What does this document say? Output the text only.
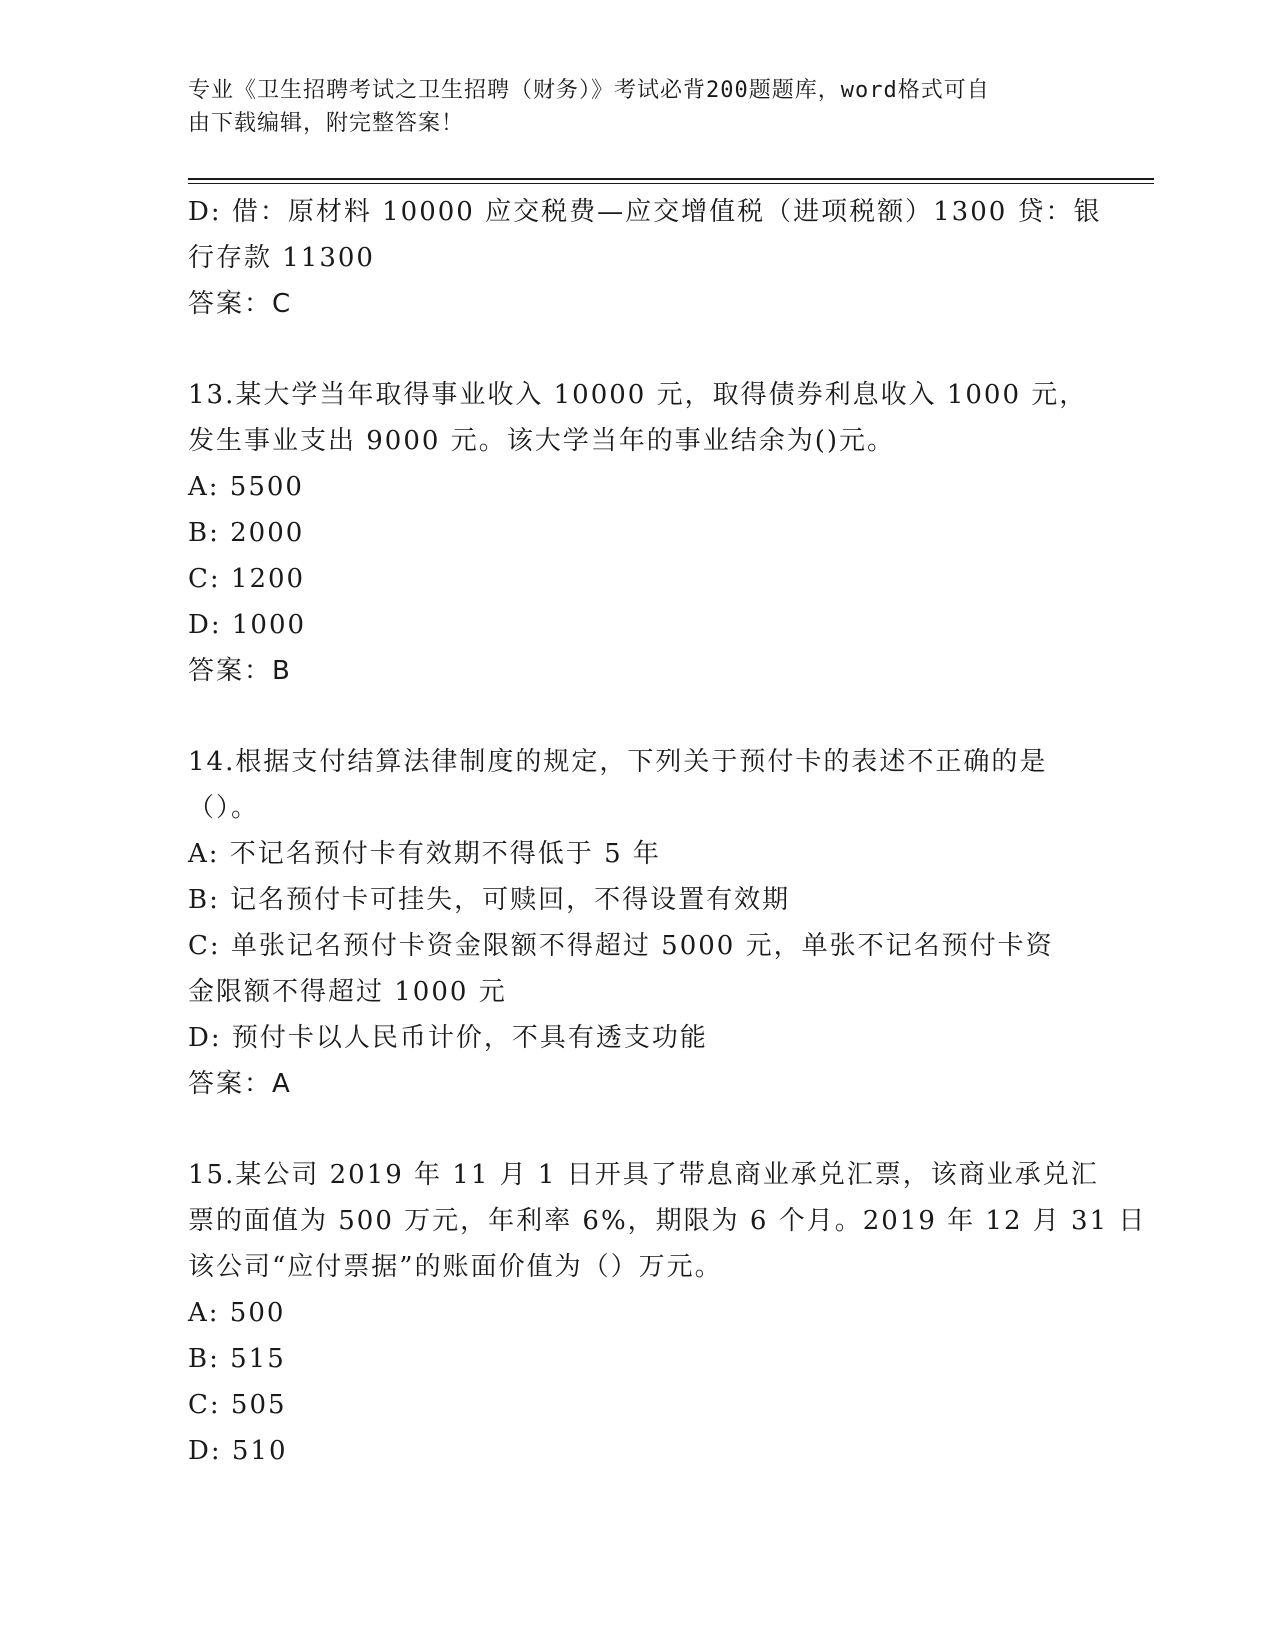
专业《卫生招聘考试之卫生招聘（财务）》考试必背200题题库，word格式可自
由下载编辑，附完整答案！
D: 借：原材料 10000 应交税费—应交增值税（进项税额）1300 贷：银
行存款 11300
答案：C
13.某大学当年取得事业收入 10000 元，取得债券利息收入 1000 元，
发生事业支出 9000 元。该大学当年的事业结余为()元。
A: 5500
B: 2000
C: 1200
D: 1000
答案：B
14.根据支付结算法律制度的规定，下列关于预付卡的表述不正确的是
（）。
A: 不记名预付卡有效期不得低于 5 年
B: 记名预付卡可挂失，可赎回，不得设置有效期
C: 单张记名预付卡资金限额不得超过 5000 元，单张不记名预付卡资
金限额不得超过 1000 元
D: 预付卡以人民币计价，不具有透支功能
答案：A
15.某公司 2019 年 11 月 1 日开具了带息商业承兑汇票，该商业承兑汇
票的面值为 500 万元，年利率 6%，期限为 6 个月。2019 年 12 月 31 日
该公司“应付票据”的账面价值为（）万元。
A: 500
B: 515
C: 505
D: 510
